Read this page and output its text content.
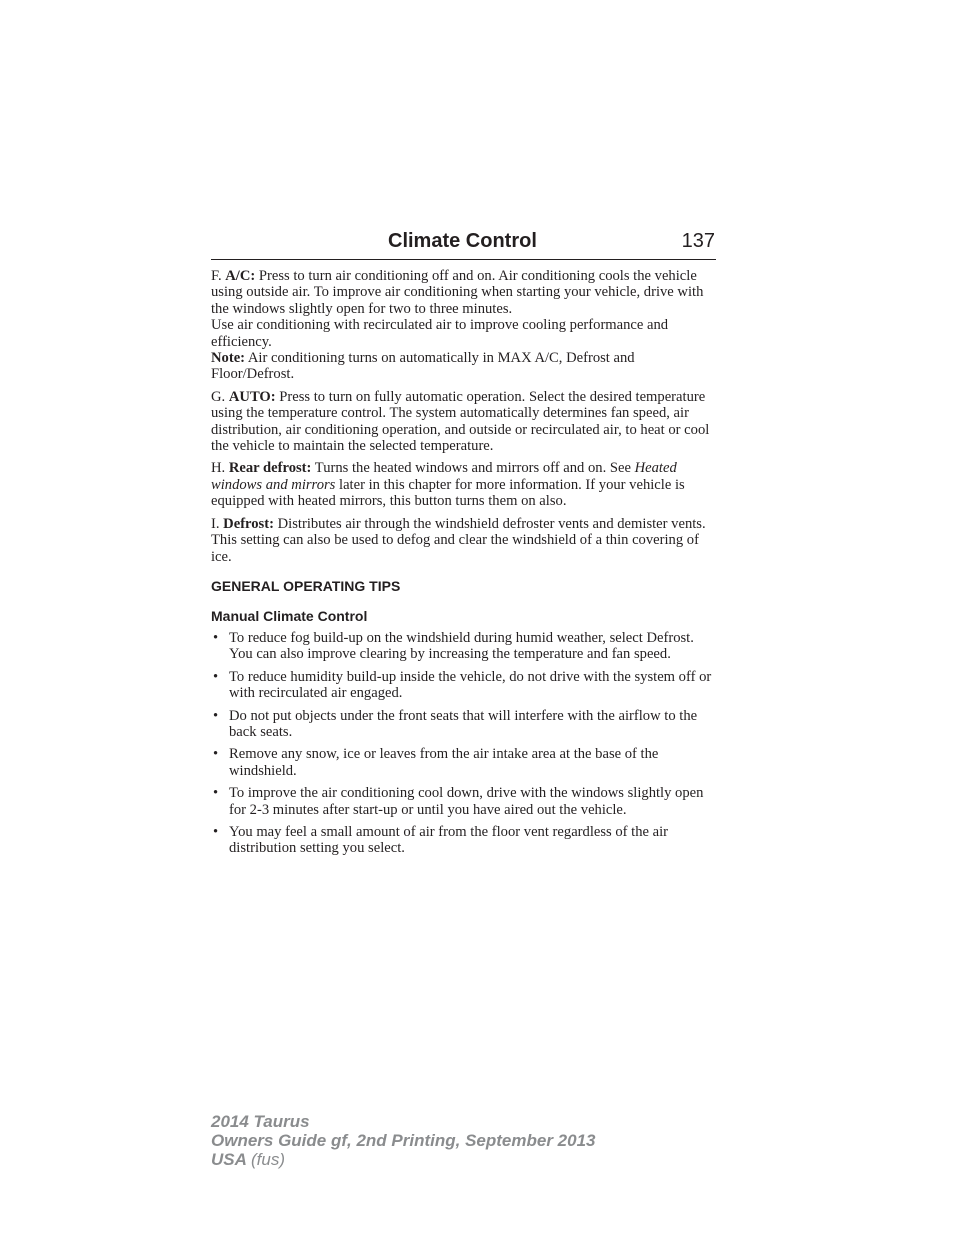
Climate Control	137

F. A/C: Press to turn air conditioning off and on. Air conditioning cools the vehicle using outside air. To improve air conditioning when starting your vehicle, drive with the windows slightly open for two to three minutes.

Use air conditioning with recirculated air to improve cooling performance and efficiency.

Note: Air conditioning turns on automatically in MAX A/C, Defrost and Floor/Defrost.

G. AUTO: Press to turn on fully automatic operation. Select the desired temperature using the temperature control. The system automatically determines fan speed, air distribution, air conditioning operation, and outside or recirculated air, to heat or cool the vehicle to maintain the selected temperature.

H. Rear defrost: Turns the heated windows and mirrors off and on. See Heated windows and mirrors later in this chapter for more information. If your vehicle is equipped with heated mirrors, this button turns them on also.

I. Defrost: Distributes air through the windshield defroster vents and demister vents. This setting can also be used to defog and clear the windshield of a thin covering of ice.

GENERAL OPERATING TIPS

Manual Climate Control

• To reduce fog build-up on the windshield during humid weather, select Defrost. You can also improve clearing by increasing the temperature and fan speed.
• To reduce humidity build-up inside the vehicle, do not drive with the system off or with recirculated air engaged.
• Do not put objects under the front seats that will interfere with the airflow to the back seats.
• Remove any snow, ice or leaves from the air intake area at the base of the windshield.
• To improve the air conditioning cool down, drive with the windows slightly open for 2-3 minutes after start-up or until you have aired out the vehicle.
• You may feel a small amount of air from the floor vent regardless of the air distribution setting you select.
2014 Taurus
Owners Guide gf, 2nd Printing, September 2013
USA (fus)
